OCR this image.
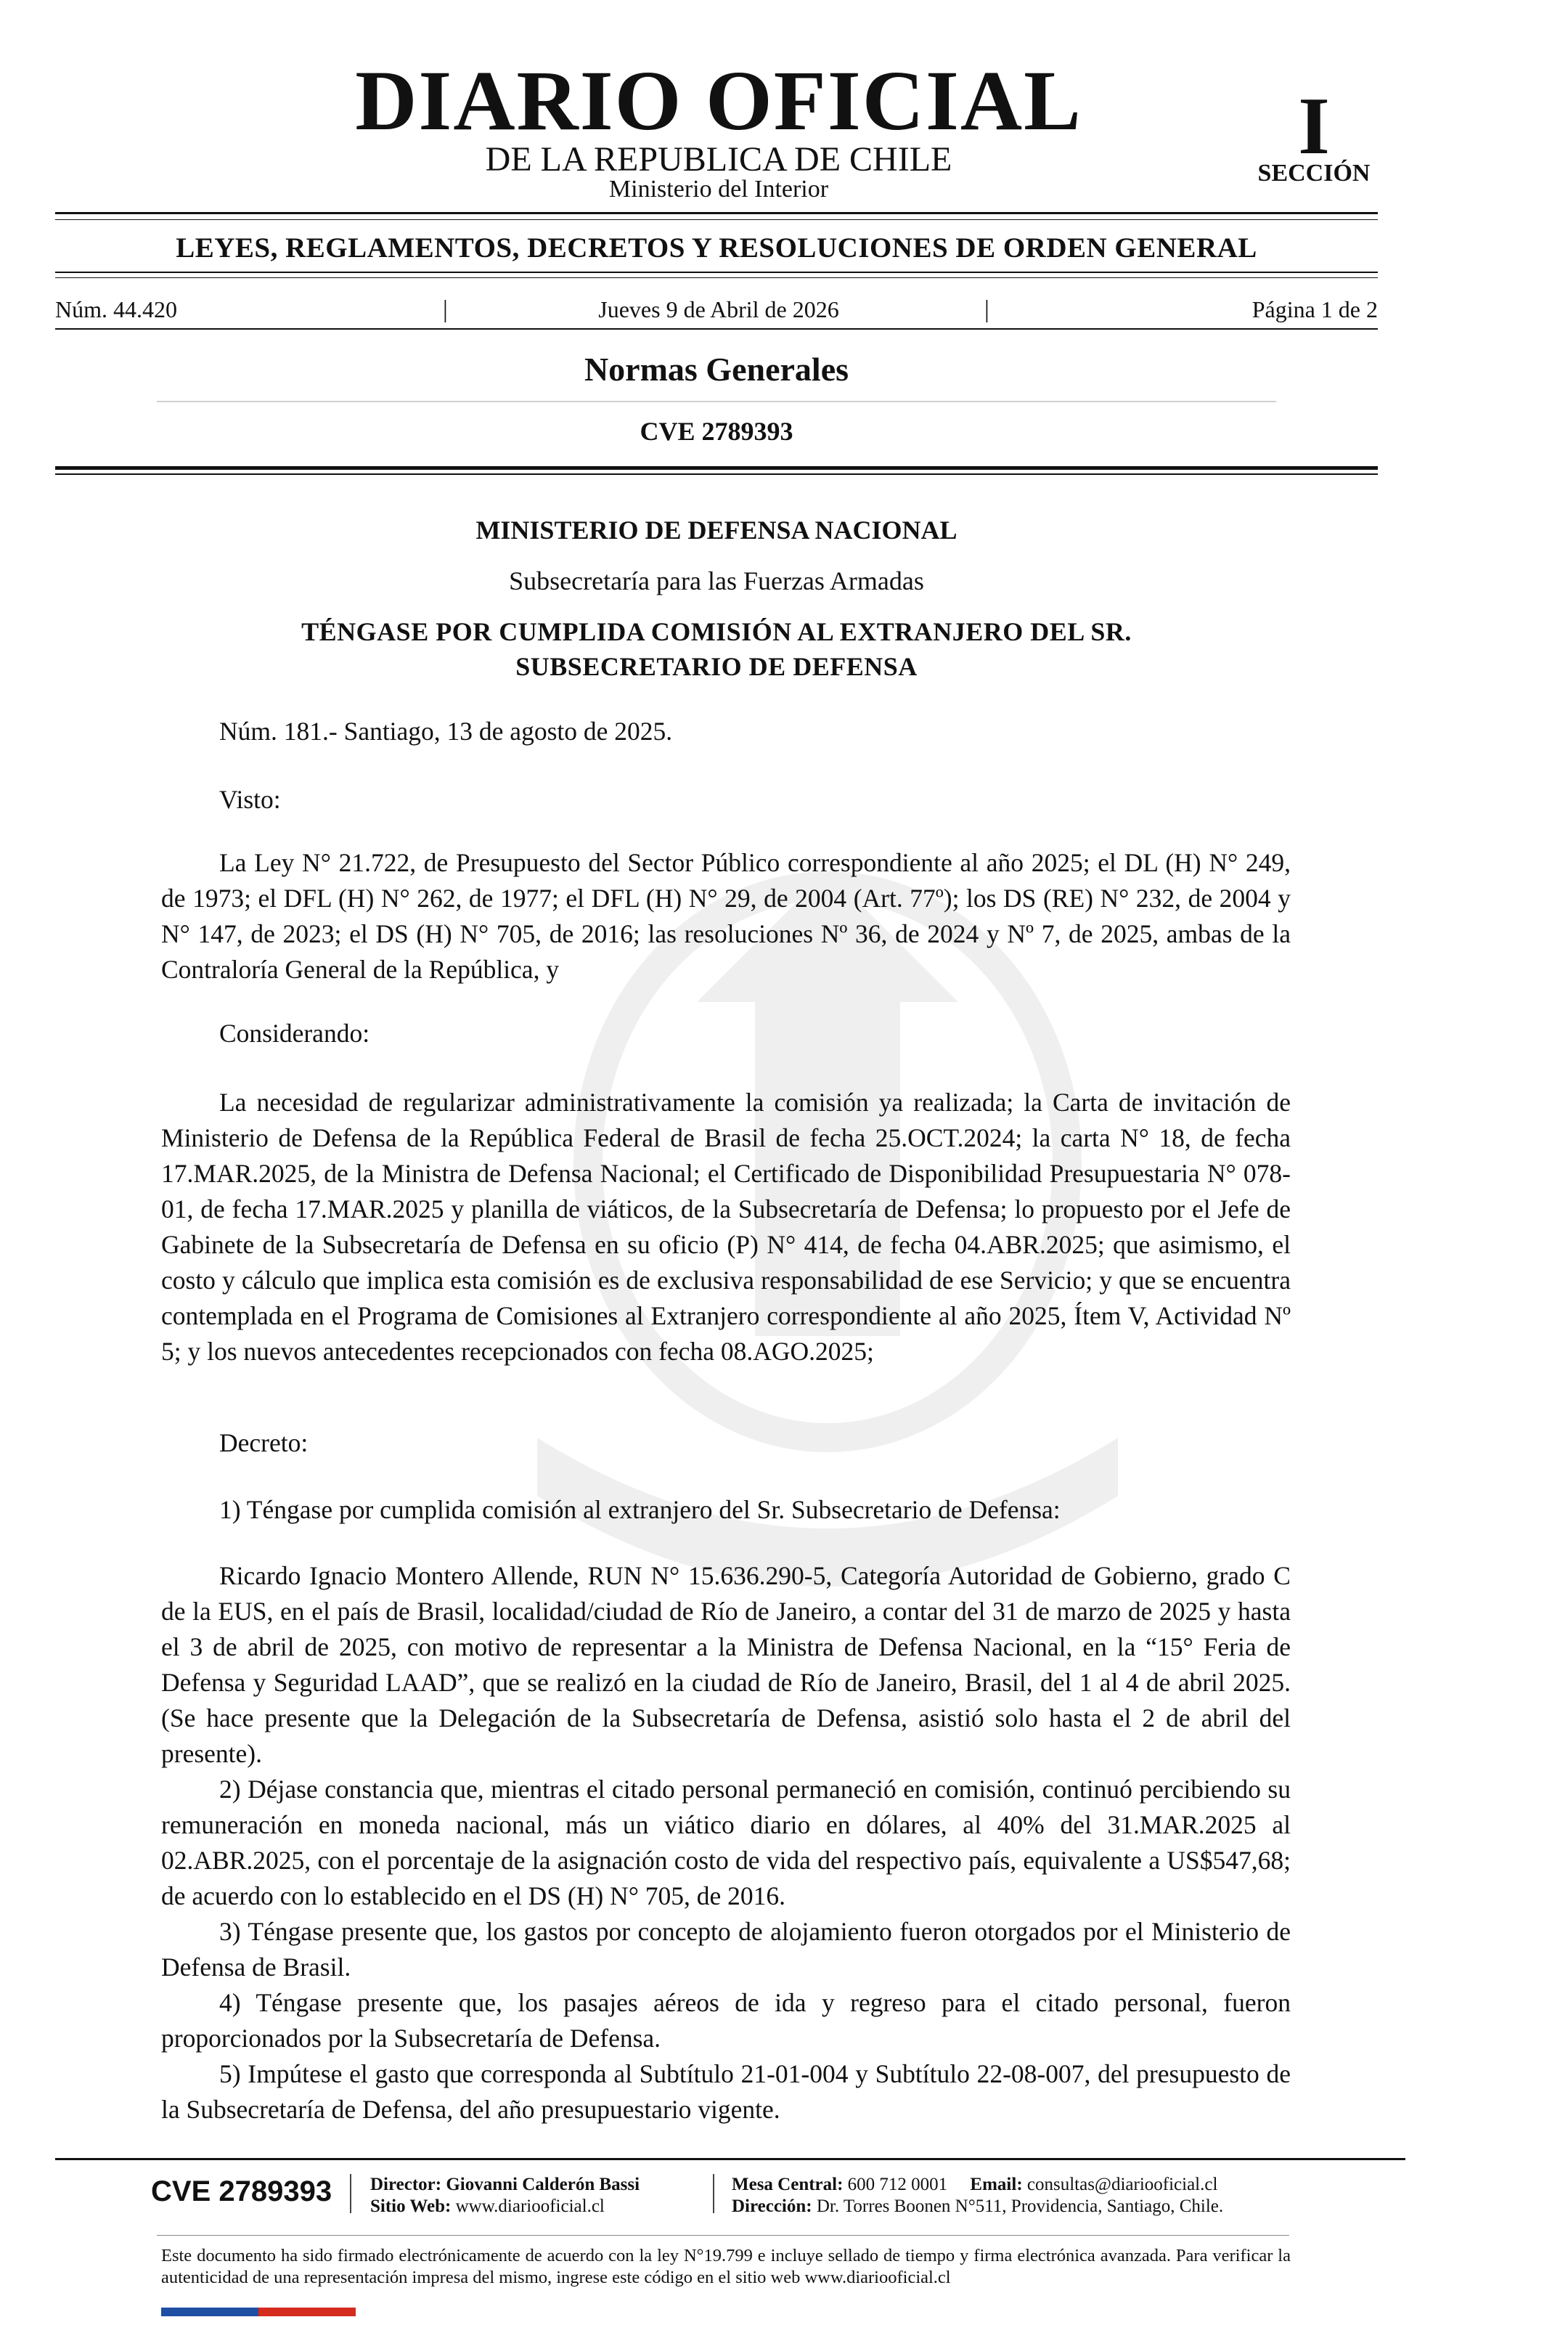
DIARIO OFICIAL
DE LA REPUBLICA DE CHILE
Ministerio del Interior
I
SECCIÓN
LEYES, REGLAMENTOS, DECRETOS Y RESOLUCIONES DE ORDEN GENERAL
Núm. 44.420	|	Jueves 9 de Abril de 2026	|	Página 1 de 2
Normas Generales
CVE 2789393
MINISTERIO DE DEFENSA NACIONAL
Subsecretaría para las Fuerzas Armadas
TÉNGASE POR CUMPLIDA COMISIÓN AL EXTRANJERO DEL SR.
SUBSECRETARIO DE DEFENSA
Núm. 181.- Santiago, 13 de agosto de 2025.
Visto:
La Ley N° 21.722, de Presupuesto del Sector Público correspondiente al año 2025; el DL (H) N° 249, de 1973; el DFL (H) N° 262, de 1977; el DFL (H) N° 29, de 2004 (Art. 77º); los DS (RE) N° 232, de 2004 y N° 147, de 2023; el DS (H) N° 705, de 2016; las resoluciones Nº 36, de 2024 y Nº 7, de 2025, ambas de la Contraloría General de la República, y
Considerando:
La necesidad de regularizar administrativamente la comisión ya realizada; la Carta de invitación de Ministerio de Defensa de la República Federal de Brasil de fecha 25.OCT.2024; la carta N° 18, de fecha 17.MAR.2025, de la Ministra de Defensa Nacional; el Certificado de Disponibilidad Presupuestaria N° 078-01, de fecha 17.MAR.2025 y planilla de viáticos, de la Subsecretaría de Defensa; lo propuesto por el Jefe de Gabinete de la Subsecretaría de Defensa en su oficio (P) N° 414, de fecha 04.ABR.2025; que asimismo, el costo y cálculo que implica esta comisión es de exclusiva responsabilidad de ese Servicio; y que se encuentra contemplada en el Programa de Comisiones al Extranjero correspondiente al año 2025, Ítem V, Actividad Nº 5; y los nuevos antecedentes recepcionados con fecha 08.AGO.2025;
Decreto:
1) Téngase por cumplida comisión al extranjero del Sr. Subsecretario de Defensa:
Ricardo Ignacio Montero Allende, RUN N° 15.636.290-5, Categoría Autoridad de Gobierno, grado C de la EUS, en el país de Brasil, localidad/ciudad de Río de Janeiro, a contar del 31 de marzo de 2025 y hasta el 3 de abril de 2025, con motivo de representar a la Ministra de Defensa Nacional, en la “15° Feria de Defensa y Seguridad LAAD”, que se realizó en la ciudad de Río de Janeiro, Brasil, del 1 al 4 de abril 2025. (Se hace presente que la Delegación de la Subsecretaría de Defensa, asistió solo hasta el 2 de abril del presente).
2) Déjase constancia que, mientras el citado personal permaneció en comisión, continuó percibiendo su remuneración en moneda nacional, más un viático diario en dólares, al 40% del 31.MAR.2025 al 02.ABR.2025, con el porcentaje de la asignación costo de vida del respectivo país, equivalente a US$547,68; de acuerdo con lo establecido en el DS (H) N° 705, de 2016.
3) Téngase presente que, los gastos por concepto de alojamiento fueron otorgados por el Ministerio de Defensa de Brasil.
4) Téngase presente que, los pasajes aéreos de ida y regreso para el citado personal, fueron proporcionados por la Subsecretaría de Defensa.
5) Impútese el gasto que corresponda al Subtítulo 21-01-004 y Subtítulo 22-08-007, del presupuesto de la Subsecretaría de Defensa, del año presupuestario vigente.
CVE 2789393 Director: Giovanni Calderón Bassi
Sitio Web: www.diariooficial.cl
Mesa Central: 600 712 0001 Email: consultas@diariooficial.cl
Dirección: Dr. Torres Boonen N°511, Providencia, Santiago, Chile.
Este documento ha sido firmado electrónicamente de acuerdo con la ley N°19.799 e incluye sellado de tiempo y firma electrónica avanzada. Para verificar la autenticidad de una representación impresa del mismo, ingrese este código en el sitio web www.diariooficial.cl
